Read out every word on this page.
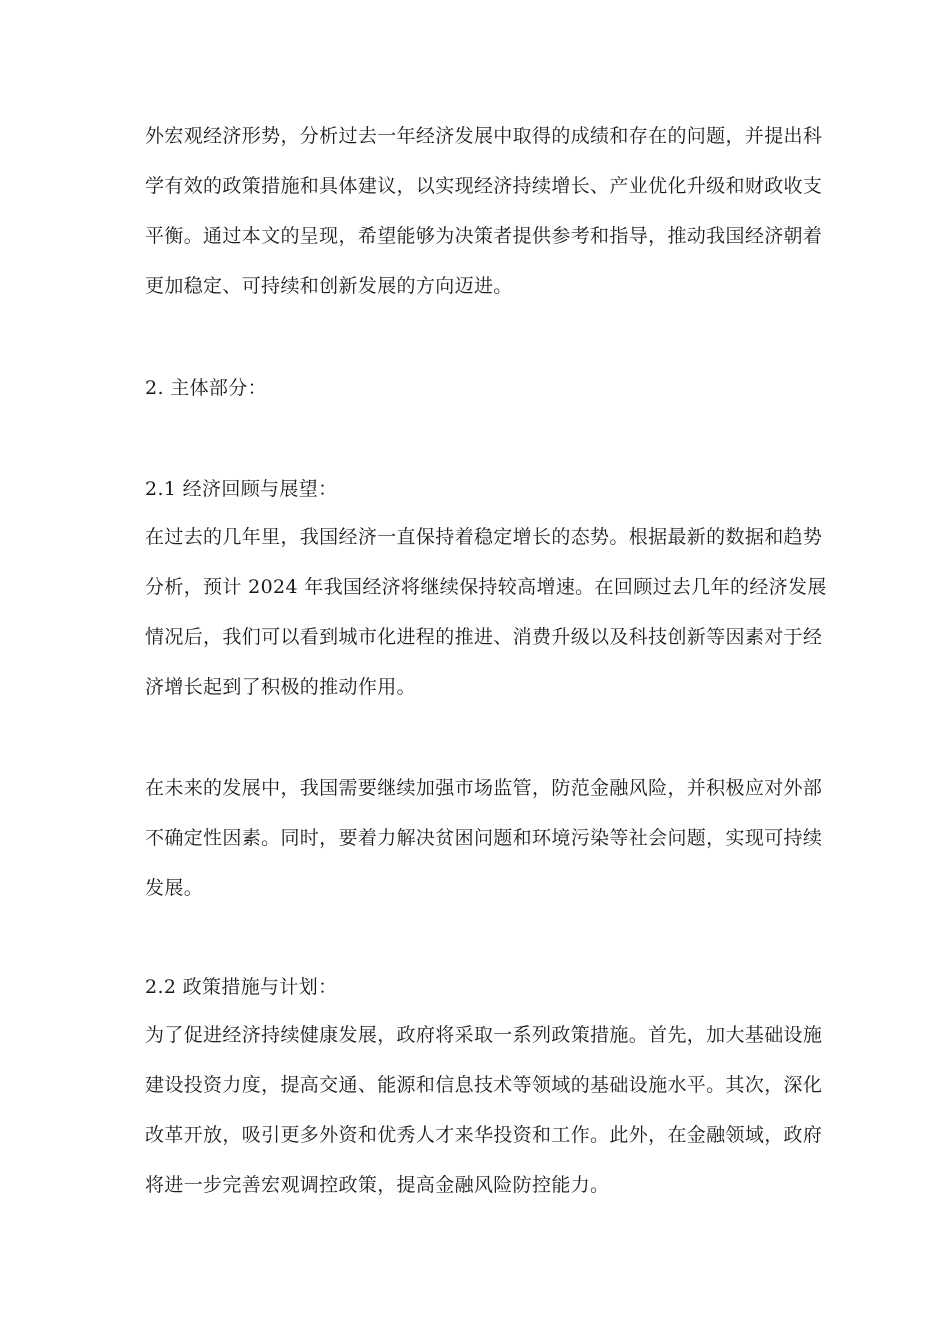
外宏观经济形势，分析过去一年经济发展中取得的成绩和存在的问题，并提出科
学有效的政策措施和具体建议，以实现经济持续增长、产业优化升级和财政收支
平衡。通过本文的呈现，希望能够为决策者提供参考和指导，推动我国经济朝着
更加稳定、可持续和创新发展的方向迈进。
2. 主体部分：
2.1 经济回顾与展望：
在过去的几年里，我国经济一直保持着稳定增长的态势。根据最新的数据和趋势
分析，预计 2024 年我国经济将继续保持较高增速。在回顾过去几年的经济发展
情况后，我们可以看到城市化进程的推进、消费升级以及科技创新等因素对于经
济增长起到了积极的推动作用。
在未来的发展中，我国需要继续加强市场监管，防范金融风险，并积极应对外部
不确定性因素。同时，要着力解决贫困问题和环境污染等社会问题，实现可持续
发展。
2.2 政策措施与计划：
为了促进经济持续健康发展，政府将采取一系列政策措施。首先，加大基础设施
建设投资力度，提高交通、能源和信息技术等领域的基础设施水平。其次，深化
改革开放，吸引更多外资和优秀人才来华投资和工作。此外，在金融领域，政府
将进一步完善宏观调控政策，提高金融风险防控能力。
